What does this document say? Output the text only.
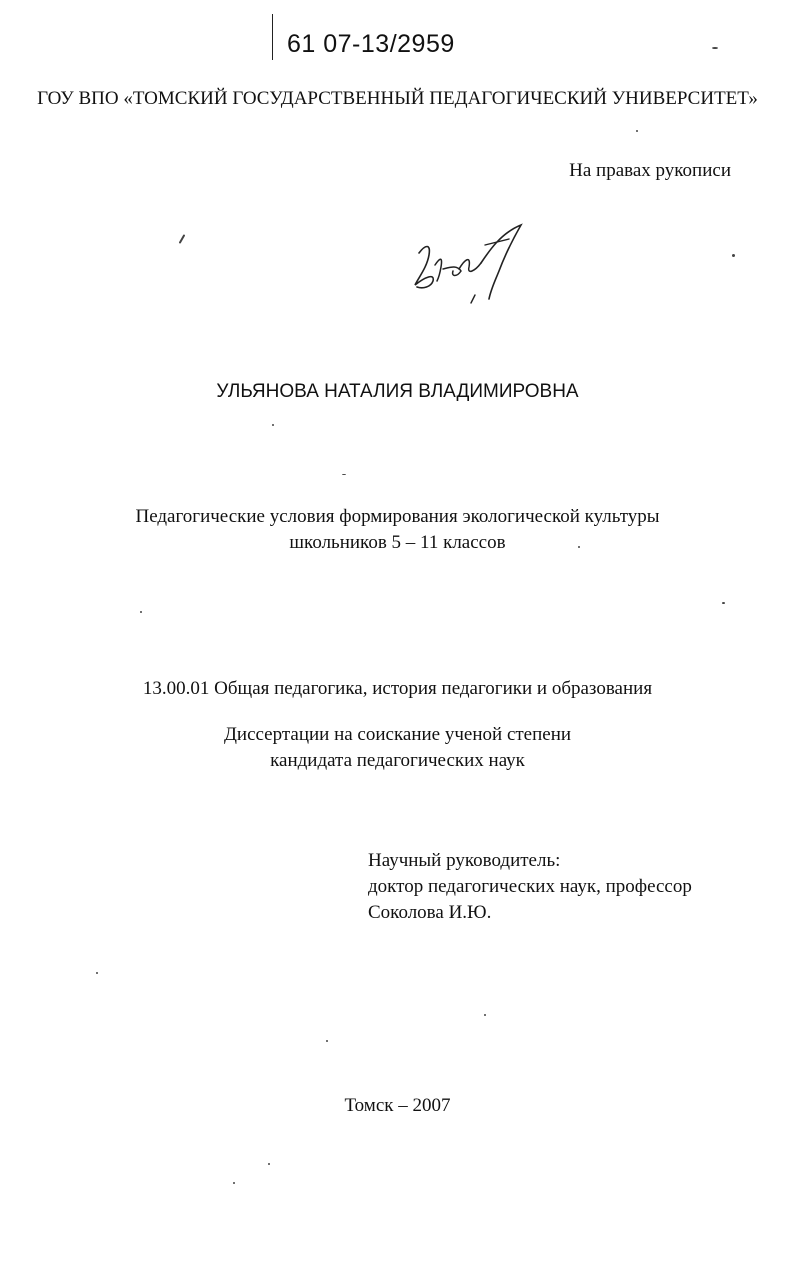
61 07-13/2959
ГОУ ВПО «ТОМСКИЙ ГОСУДАРСТВЕННЫЙ ПЕДАГОГИЧЕСКИЙ УНИВЕРСИТЕТ»
На правах рукописи
УЛЬЯНОВА НАТАЛИЯ ВЛАДИМИРОВНА
Педагогические условия формирования экологической культуры
школьников 5 – 11 классов
13.00.01 Общая педагогика, история педагогики и образования
Диссертации на соискание ученой степени
кандидата педагогических наук
Научный руководитель:
доктор педагогических наук, профессор
Соколова И.Ю.
Томск – 2007
